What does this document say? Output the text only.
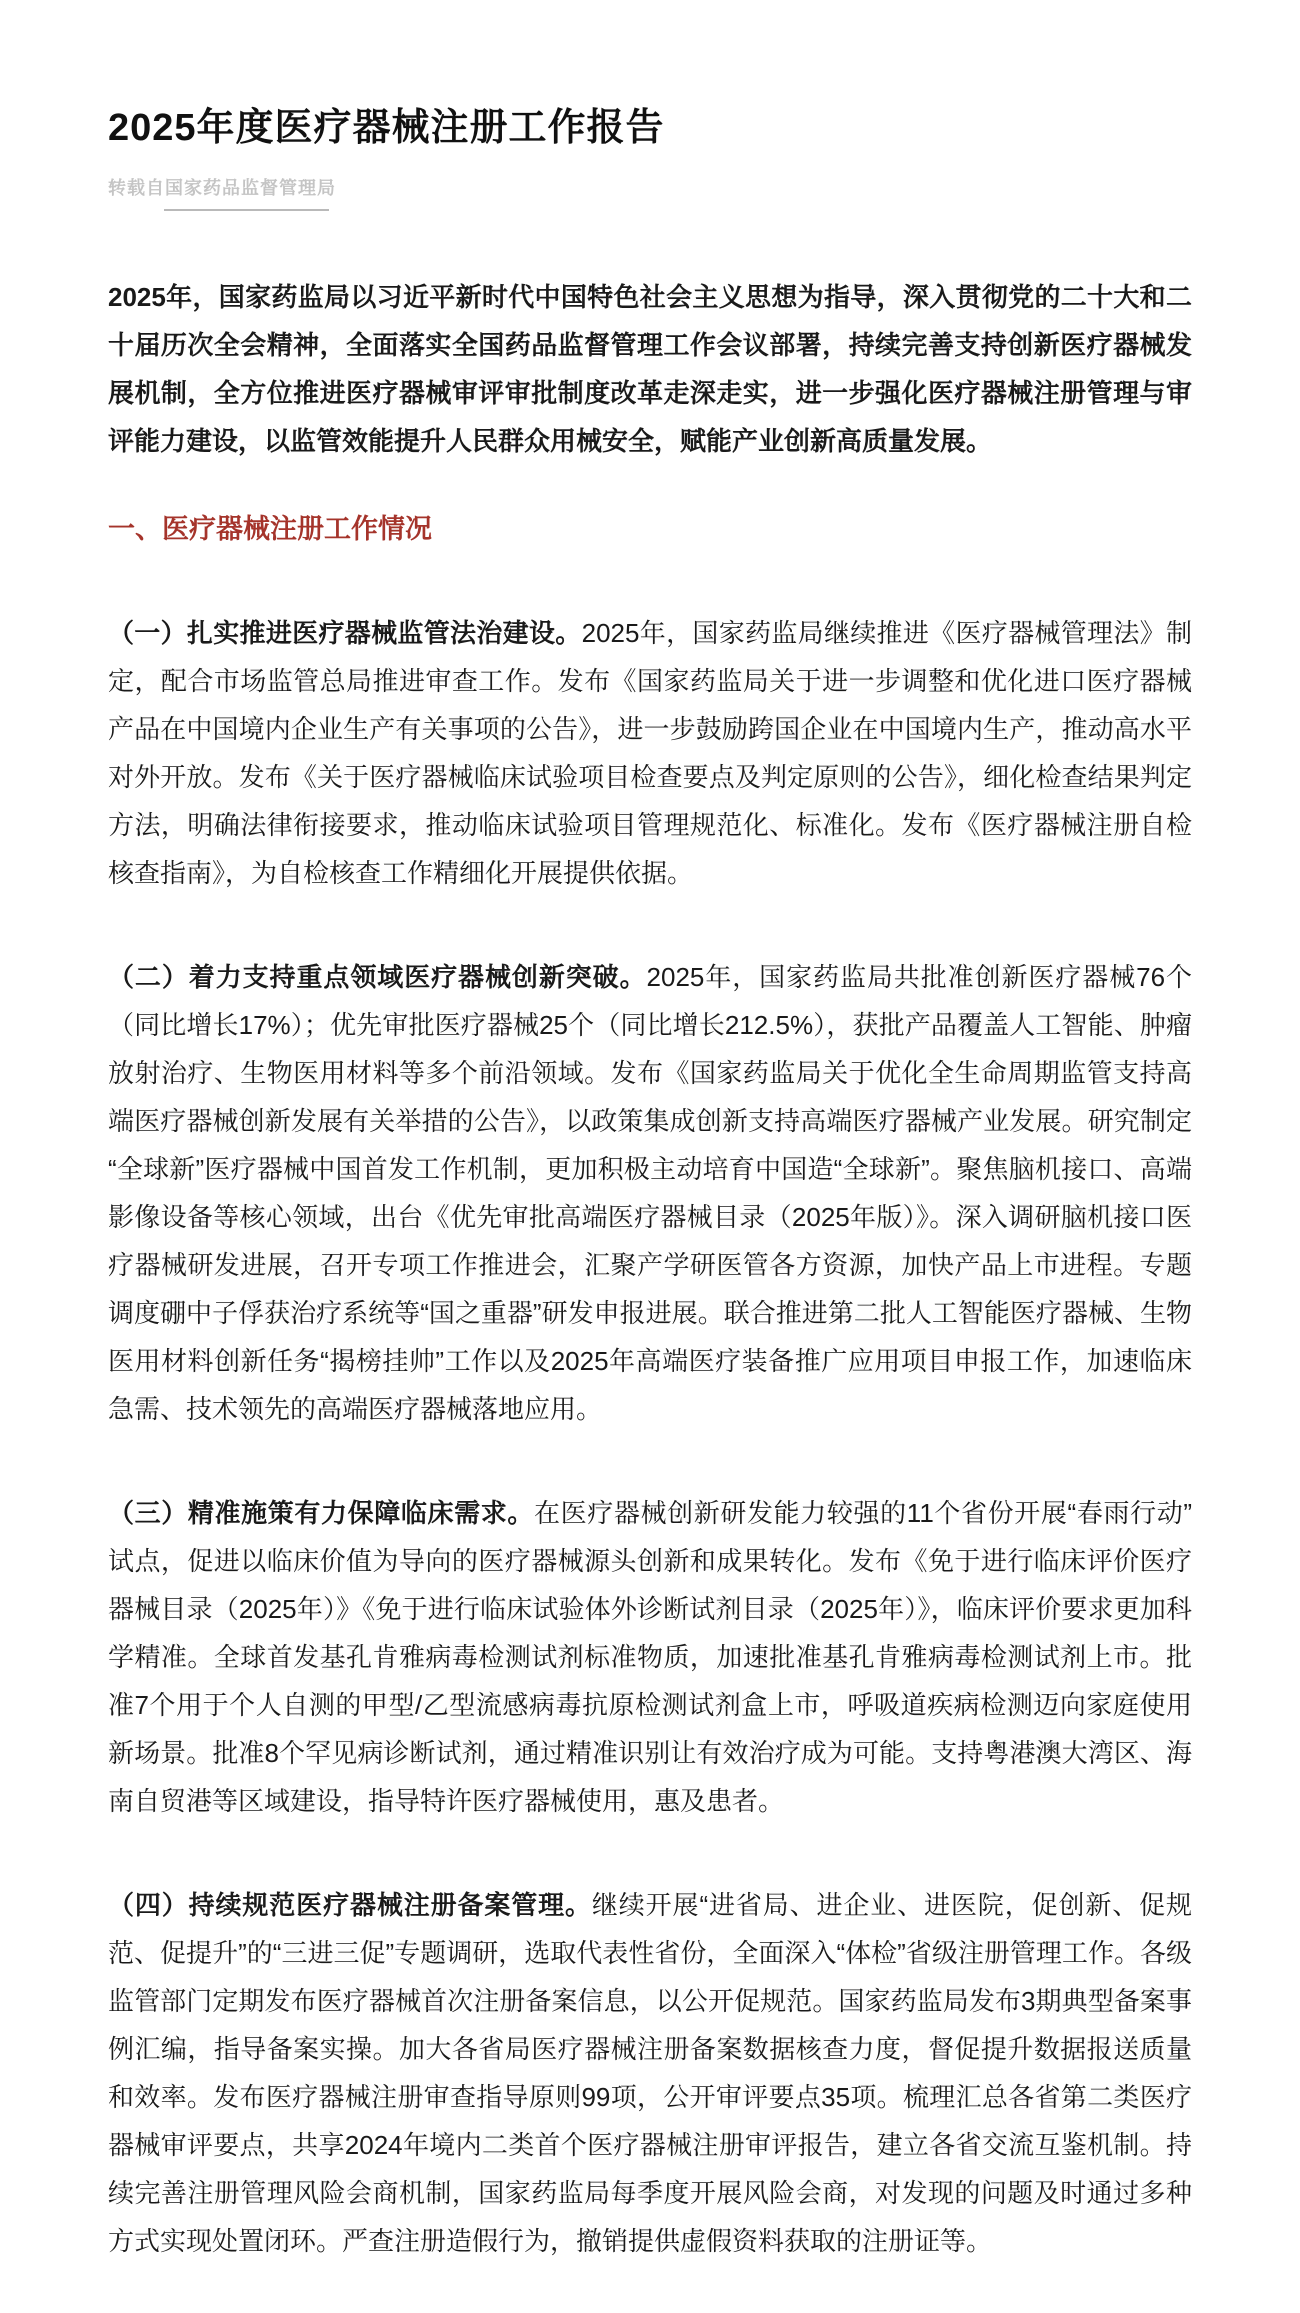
2025年度医疗器械注册工作报告
转载自国家药品监督管理局

2025年，国家药监局以习近平新时代中国特色社会主义思想为指导，深入贯彻党的二十大和二十届历次全会精神，全面落实全国药品监督管理工作会议部署，持续完善支持创新医疗器械发展机制，全方位推进医疗器械审评审批制度改革走深走实，进一步强化医疗器械注册管理与审评能力建设，以监管效能提升人民群众用械安全，赋能产业创新高质量发展。

一、医疗器械注册工作情况

（一）扎实推进医疗器械监管法治建设。2025年，国家药监局继续推进《医疗器械管理法》制定，配合市场监管总局推进审查工作。发布《国家药监局关于进一步调整和优化进口医疗器械产品在中国境内企业生产有关事项的公告》，进一步鼓励跨国企业在中国境内生产，推动高水平对外开放。发布《关于医疗器械临床试验项目检查要点及判定原则的公告》，细化检查结果判定方法，明确法律衔接要求，推动临床试验项目管理规范化、标准化。发布《医疗器械注册自检核查指南》，为自检核查工作精细化开展提供依据。

（二）着力支持重点领域医疗器械创新突破。2025年，国家药监局共批准创新医疗器械76个（同比增长17%）；优先审批医疗器械25个（同比增长212.5%），获批产品覆盖人工智能、肿瘤放射治疗、生物医用材料等多个前沿领域。发布《国家药监局关于优化全生命周期监管支持高端医疗器械创新发展有关举措的公告》，以政策集成创新支持高端医疗器械产业发展。研究制定“全球新”医疗器械中国首发工作机制，更加积极主动培育中国造“全球新”。聚焦脑机接口、高端影像设备等核心领域，出台《优先审批高端医疗器械目录（2025年版）》。深入调研脑机接口医疗器械研发进展，召开专项工作推进会，汇聚产学研医管各方资源，加快产品上市进程。专题调度硼中子俘获治疗系统等“国之重器”研发申报进展。联合推进第二批人工智能医疗器械、生物医用材料创新任务“揭榜挂帅”工作以及2025年高端医疗装备推广应用项目申报工作，加速临床急需、技术领先的高端医疗器械落地应用。

（三）精准施策有力保障临床需求。在医疗器械创新研发能力较强的11个省份开展“春雨行动”试点，促进以临床价值为导向的医疗器械源头创新和成果转化。发布《免于进行临床评价医疗器械目录（2025年）》《免于进行临床试验体外诊断试剂目录（2025年）》，临床评价要求更加科学精准。全球首发基孔肯雅病毒检测试剂标准物质，加速批准基孔肯雅病毒检测试剂上市。批准7个用于个人自测的甲型/乙型流感病毒抗原检测试剂盒上市，呼吸道疾病检测迈向家庭使用新场景。批准8个罕见病诊断试剂，通过精准识别让有效治疗成为可能。支持粤港澳大湾区、海南自贸港等区域建设，指导特许医疗器械使用，惠及患者。

（四）持续规范医疗器械注册备案管理。继续开展“进省局、进企业、进医院，促创新、促规范、促提升”的“三进三促”专题调研，选取代表性省份，全面深入“体检”省级注册管理工作。各级监管部门定期发布医疗器械首次注册备案信息，以公开促规范。国家药监局发布3期典型备案事例汇编，指导备案实操。加大各省局医疗器械注册备案数据核查力度，督促提升数据报送质量和效率。发布医疗器械注册审查指导原则99项，公开审评要点35项。梳理汇总各省第二类医疗器械审评要点，共享2024年境内二类首个医疗器械注册审评报告，建立各省交流互鉴机制。持续完善注册管理风险会商机制，国家药监局每季度开展风险会商，对发现的问题及时通过多种方式实现处置闭环。严查注册造假行为，撤销提供虚假资料获取的注册证等。
